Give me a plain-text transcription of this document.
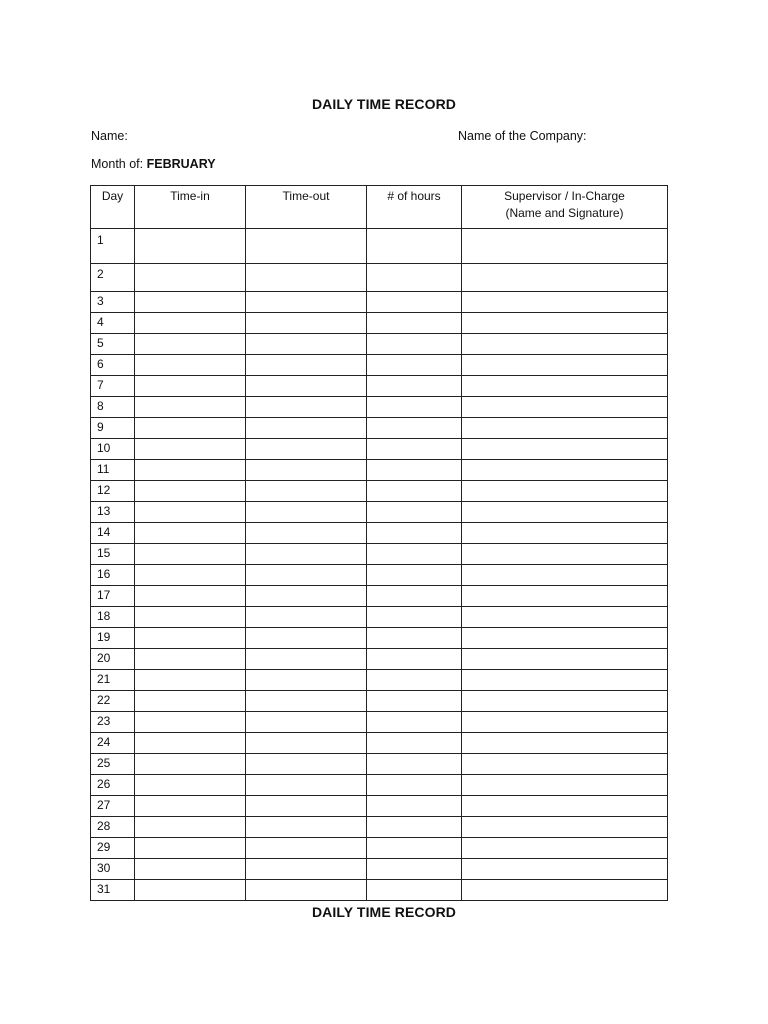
DAILY TIME RECORD
Name:	Name of the Company:
Month of: FEBRUARY
Day	Time-in	Time-out	# of hours	Supervisor / In-Charge
(Name and Signature)

1				
2				
3				
4				
5				
6				
7				
8				
9				
10				
11				
12				
13				
14				
15				
16				
17				
18				
19				
20				
21				
22				
23				
24				
25				
26				
27				
28				
29				
30				
31				
DAILY TIME RECORD
